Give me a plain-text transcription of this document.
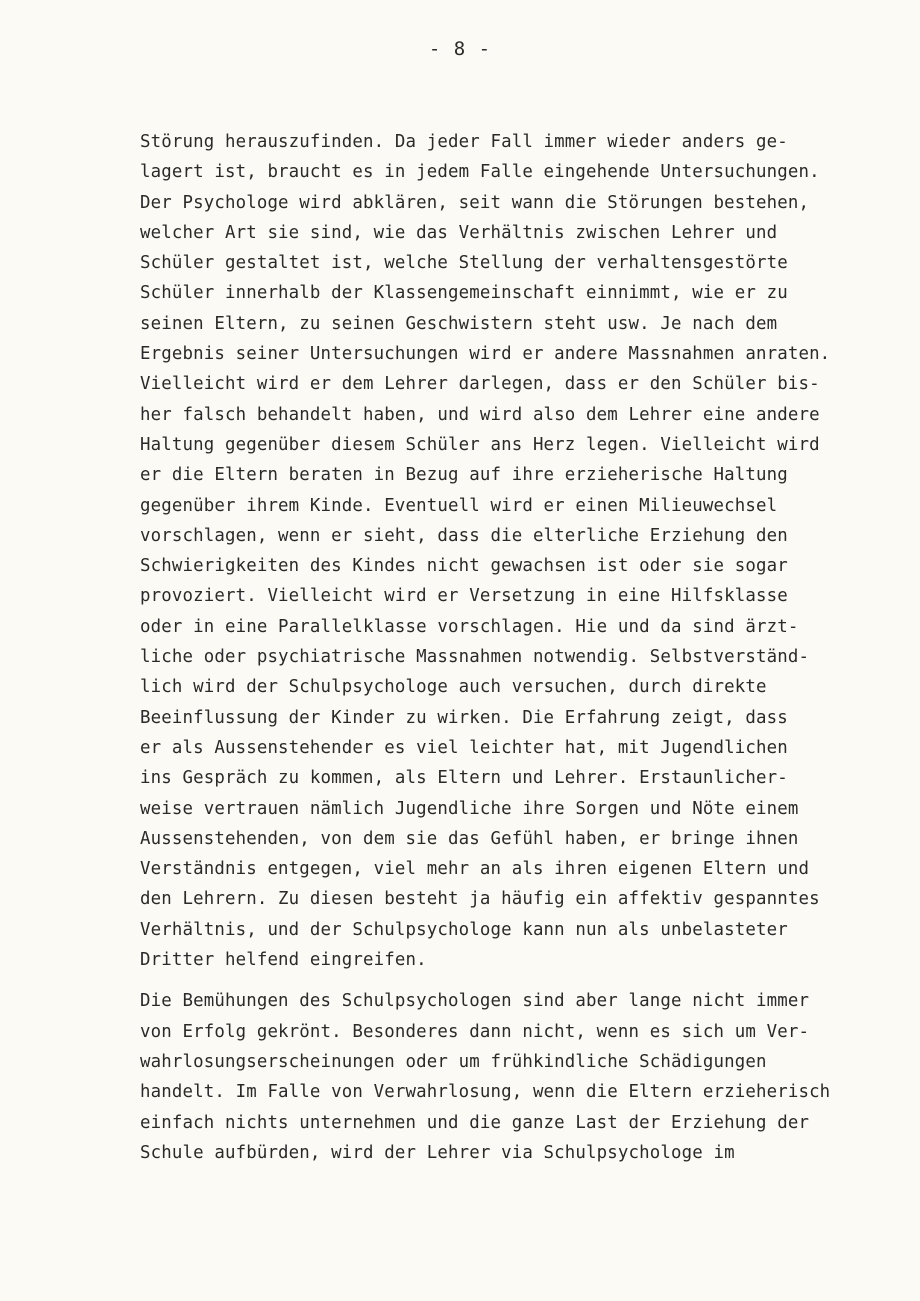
- 8 -
Störung herauszufinden. Da jeder Fall immer wieder anders ge-
lagert ist, braucht es in jedem Falle eingehende Untersuchungen.
Der Psychologe wird abklären, seit wann die Störungen bestehen,
welcher Art sie sind, wie das Verhältnis zwischen Lehrer und
Schüler gestaltet ist, welche Stellung der verhaltensgestörte
Schüler innerhalb der Klassengemeinschaft einnimmt, wie er zu
seinen Eltern, zu seinen Geschwistern steht usw. Je nach dem
Ergebnis seiner Untersuchungen wird er andere Massnahmen anraten.
Vielleicht wird er dem Lehrer darlegen, dass er den Schüler bis-
her falsch behandelt haben, und wird also dem Lehrer eine andere
Haltung gegenüber diesem Schüler ans Herz legen. Vielleicht wird
er die Eltern beraten in Bezug auf ihre erzieherische Haltung
gegenüber ihrem Kinde. Eventuell wird er einen Milieuwechsel
vorschlagen, wenn er sieht, dass die elterliche Erziehung den
Schwierigkeiten des Kindes nicht gewachsen ist oder sie sogar
provoziert. Vielleicht wird er Versetzung in eine Hilfsklasse
oder in eine Parallelklasse vorschlagen. Hie und da sind ärzt-
liche oder psychiatrische Massnahmen notwendig. Selbstverständ-
lich wird der Schulpsychologe auch versuchen, durch direkte
Beeinflussung der Kinder zu wirken. Die Erfahrung zeigt, dass
er als Aussenstehender es viel leichter hat, mit Jugendlichen
ins Gespräch zu kommen, als Eltern und Lehrer. Erstaunlicher-
weise vertrauen nämlich Jugendliche ihre Sorgen und Nöte einem
Aussenstehenden, von dem sie das Gefühl haben, er bringe ihnen
Verständnis entgegen, viel mehr an als ihren eigenen Eltern und
den Lehrern. Zu diesen besteht ja häufig ein affektiv gespanntes
Verhältnis, und der Schulpsychologe kann nun als unbelasteter
Dritter helfend eingreifen.
Die Bemühungen des Schulpsychologen sind aber lange nicht immer
von Erfolg gekrönt. Besonderes dann nicht, wenn es sich um Ver-
wahrlosungserscheinungen oder um frühkindliche Schädigungen
handelt. Im Falle von Verwahrlosung, wenn die Eltern erzieherisch
einfach nichts unternehmen und die ganze Last der Erziehung der
Schule aufbürden, wird der Lehrer via Schulpsychologe im
